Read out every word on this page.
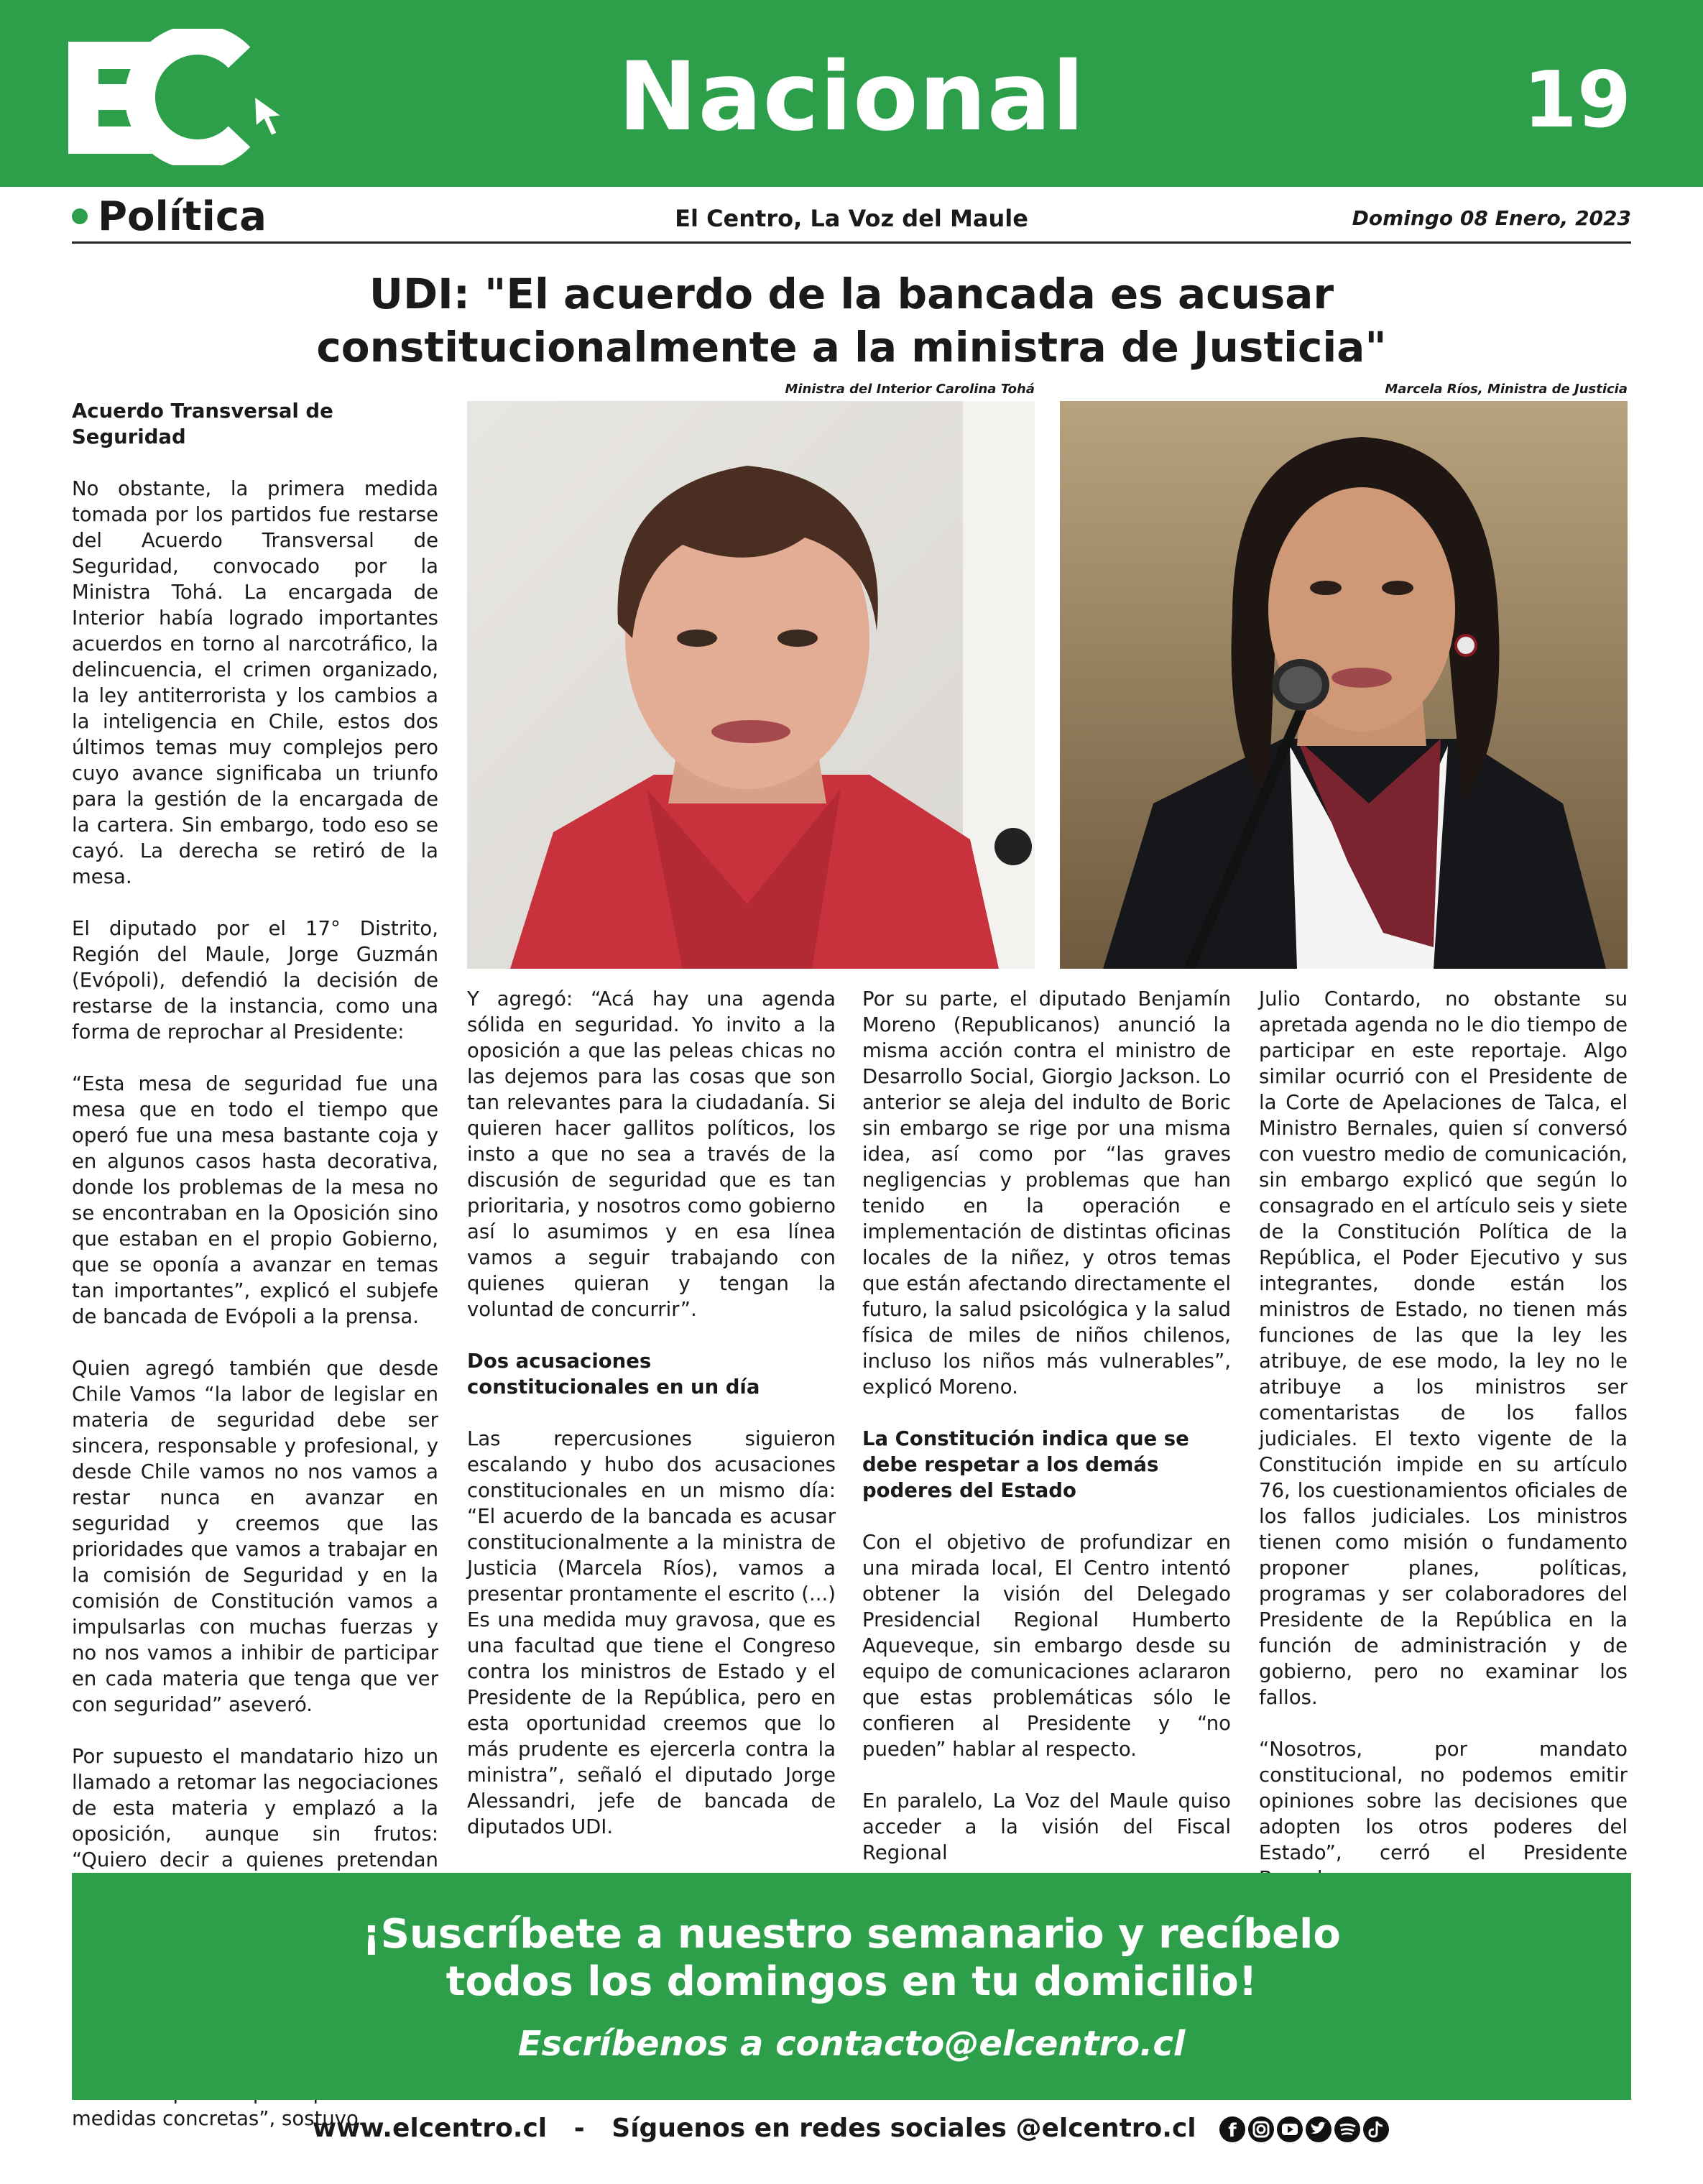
Nacional	19
Política	El Centro, La Voz del Maule	Domingo 08 Enero, 2023
UDI: "El acuerdo de la bancada es acusar
constitucionalmente a la ministra de Justicia"
Ministra del Interior Carolina Tohá	Marcela Ríos, Ministra de Justicia

Acuerdo Transversal de Seguridad

No obstante, la primera medida tomada por los partidos fue restarse del Acuerdo Transversal de Seguridad, convocado por la Ministra Tohá. La encargada de Interior había logrado importantes acuerdos en torno al narcotráfico, la delincuencia, el crimen organizado, la ley antiterrorista y los cambios a la inteligencia en Chile, estos dos últimos temas muy complejos pero cuyo avance significaba un triunfo para la gestión de la encargada de la cartera. Sin embargo, todo eso se cayó. La derecha se retiró de la mesa.

El diputado por el 17° Distrito, Región del Maule, Jorge Guzmán (Evópoli), defendió la decisión de restarse de la instancia, como una forma de reprochar al Presidente:

“Esta mesa de seguridad fue una mesa que en todo el tiempo que operó fue una mesa bastante coja y en algunos casos hasta decorativa, donde los problemas de la mesa no se encontraban en la Oposición sino que estaban en el propio Gobierno, que se oponía a avanzar en temas tan importantes”, explicó el subjefe de bancada de Evópoli a la prensa.

Quien agregó también que desde Chile Vamos “la labor de legislar en materia de seguridad debe ser sincera, responsable y profesional, y desde Chile vamos no nos vamos a restar nunca en avanzar en seguridad y creemos que las prioridades que vamos a trabajar en la comisión de Seguridad y en la comisión de Constitución vamos a impulsarlas con muchas fuerzas y no nos vamos a inhibir de participar en cada materia que tenga que ver con seguridad” aseveró.

Por supuesto el mandatario hizo un llamado a retomar las negociaciones de esta materia y emplazó a la oposición, aunque sin frutos: “Quiero decir a quienes pretendan medidas concretas”, sostuvo.

Y agregó: “Acá hay una agenda sólida en seguridad. Yo invito a la oposición a que las peleas chicas no las dejemos para las cosas que son tan relevantes para la ciudadanía. Si quieren hacer gallitos políticos, los insto a que no sea a través de la discusión de seguridad que es tan prioritaria, y nosotros como gobierno así lo asumimos y en esa línea vamos a seguir trabajando con quienes quieran y tengan la voluntad de concurrir”.

Dos acusaciones constitucionales en un día

Las repercusiones siguieron escalando y hubo dos acusaciones constitucionales en un mismo día: “El acuerdo de la bancada es acusar constitucionalmente a la ministra de Justicia (Marcela Ríos), vamos a presentar prontamente el escrito (...) Es una medida muy gravosa, que es una facultad que tiene el Congreso contra los ministros de Estado y el Presidente de la República, pero en esta oportunidad creemos que lo más prudente es ejercerla contra la ministra”, señaló el diputado Jorge Alessandri, jefe de bancada de diputados UDI.

Por su parte, el diputado Benjamín Moreno (Republicanos) anunció la misma acción contra el ministro de Desarrollo Social, Giorgio Jackson. Lo anterior se aleja del indulto de Boric sin embargo se rige por una misma idea, así como por “las graves negligencias y problemas que han tenido en la operación e implementación de distintas oficinas locales de la niñez, y otros temas que están afectando directamente el futuro, la salud psicológica y la salud física de miles de niños chilenos, incluso los niños más vulnerables”, explicó Moreno.

La Constitución indica que se debe respetar a los demás poderes del Estado

Con el objetivo de profundizar en una mirada local, El Centro intentó obtener la visión del Delegado Presidencial Regional Humberto Aqueveque, sin embargo desde su equipo de comunicaciones aclararon que estas problemáticas sólo le confieren al Presidente y “no pueden” hablar al respecto.

En paralelo, La Voz del Maule quiso acceder a la visión del Fiscal Regional

Julio Contardo, no obstante su apretada agenda no le dio tiempo de participar en este reportaje. Algo similar ocurrió con el Presidente de la Corte de Apelaciones de Talca, el Ministro Bernales, quien sí conversó con vuestro medio de comunicación, sin embargo explicó que según lo consagrado en el artículo seis y siete de la Constitución Política de la República, el Poder Ejecutivo y sus integrantes, donde están los ministros de Estado, no tienen más funciones de las que la ley les atribuye, de ese modo, la ley no le atribuye a los ministros ser comentaristas de los fallos judiciales. El texto vigente de la Constitución impide en su artículo 76, los cuestionamientos oficiales de los fallos judiciales. Los ministros tienen como misión o fundamento proponer planes, políticas, programas y ser colaboradores del Presidente de la República en la función de administración y de gobierno, pero no examinar los fallos.

“Nosotros, por mandato constitucional, no podemos emitir opiniones sobre las decisiones que adopten los otros poderes del Estado”, cerró el Presidente

¡Suscríbete a nuestro semanario y recíbelo
todos los domingos en tu domicilio!
Escríbenos a contacto@elcentro.cl
www.elcentro.cl   -   Síguenos en redes sociales @elcentro.cl f
